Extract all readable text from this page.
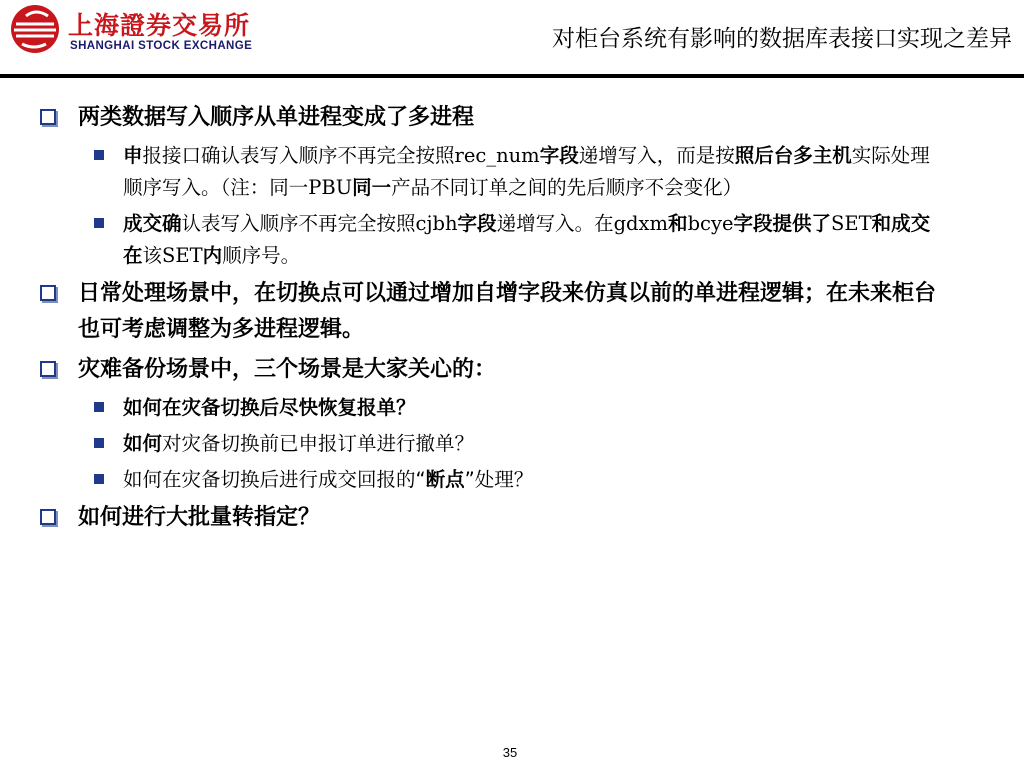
上海證券交易所
SHANGHAI STOCK EXCHANGE	对柜台系统有影响的数据库表接口实现之差异
两类数据写入顺序从单进程变成了多进程
申报接口确认表写入顺序不再完全按照rec_num字段递增写入，而是按照后台多主机实际处理顺序写入。（注：同一PBU同一产品不同订单之间的先后顺序不会变化）
成交确认表写入顺序不再完全按照cjbh字段递增写入。在gdxm和bcye字段提供了SET和成交在该SET内顺序号。
日常处理场景中，在切换点可以通过增加自增字段来仿真以前的单进程逻辑；在未来柜台也可考虑调整为多进程逻辑。
灾难备份场景中，三个场景是大家关心的：
如何在灾备切换后尽快恢复报单？
如何对灾备切换前已申报订单进行撤单？
如何在灾备切换后进行成交回报的“断点”处理？
如何进行大批量转指定？
35
